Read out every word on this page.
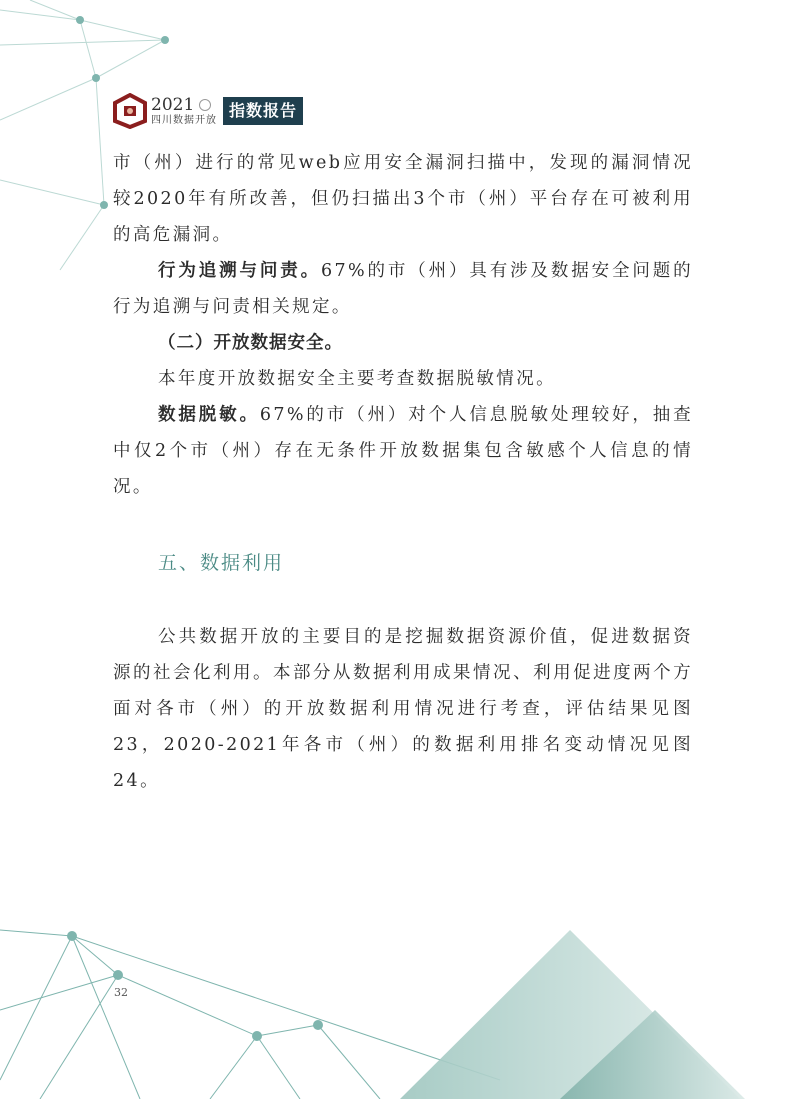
2021
四川数据开放 指数报告

市（州）进行的常见web应用安全漏洞扫描中，发现的漏洞情况较2020年有所改善，但仍扫描出3个市（州）平台存在可被利用的高危漏洞。

行为追溯与问责。67%的市（州）具有涉及数据安全问题的行为追溯与问责相关规定。

（二）开放数据安全。

本年度开放数据安全主要考查数据脱敏情况。

数据脱敏。67%的市（州）对个人信息脱敏处理较好，抽查中仅2个市（州）存在无条件开放数据集包含敏感个人信息的情况。

五、数据利用

公共数据开放的主要目的是挖掘数据资源价值，促进数据资源的社会化利用。本部分从数据利用成果情况、利用促进度两个方面对各市（州）的开放数据利用情况进行考查，评估结果见图23，2020-2021年各市（州）的数据利用排名变动情况见图24。

32
